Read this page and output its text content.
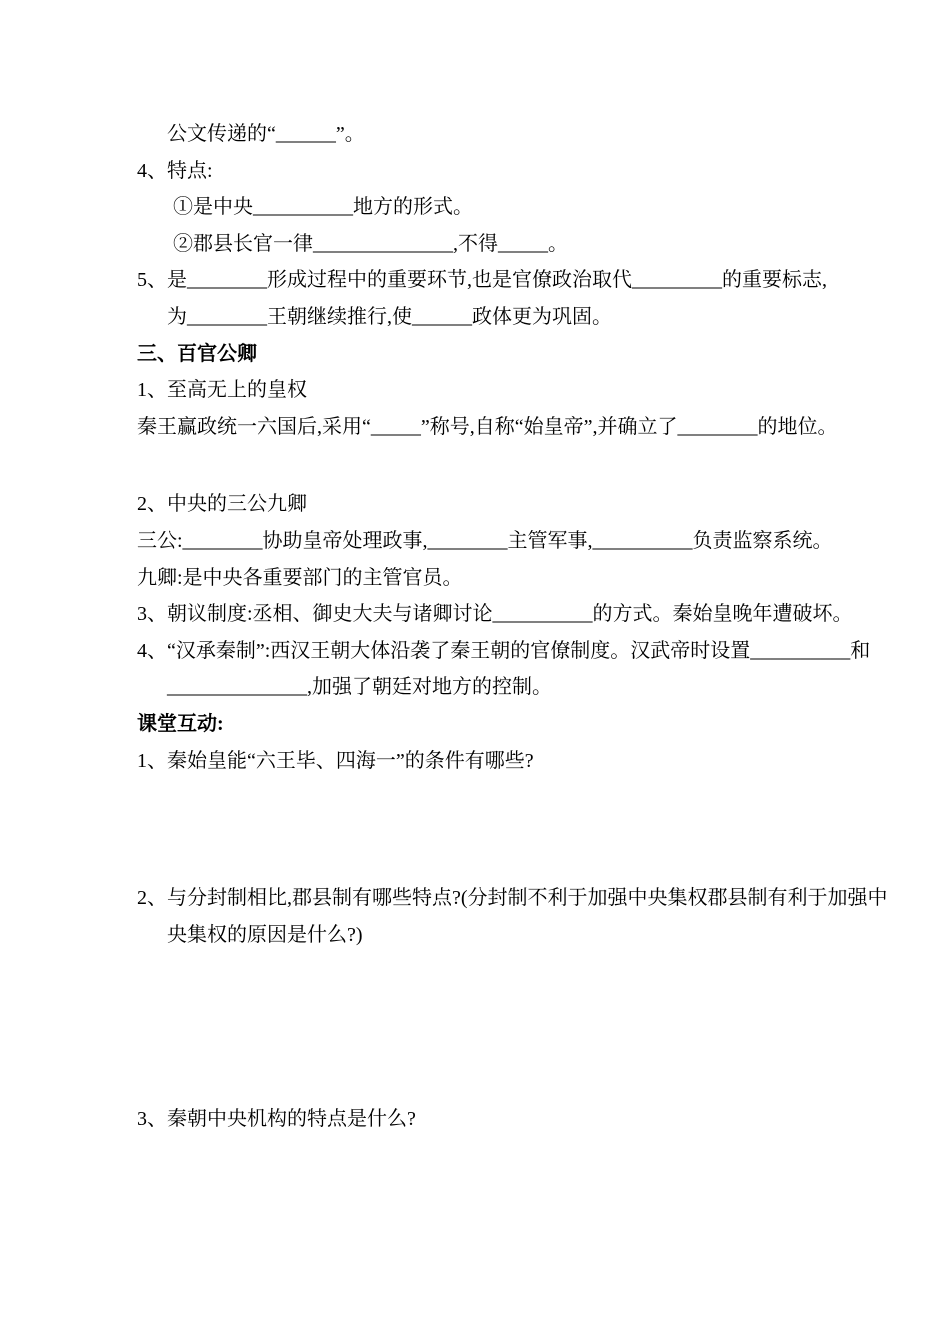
公文传递的“______”。

4、特点:

①是中央__________地方的形式。

②郡县长官一律______________,不得_____。

5、是________形成过程中的重要环节,也是官僚政治取代_________的重要标志,

为________王朝继续推行,使______政体更为巩固。

三、百官公卿

1、至高无上的皇权

秦王赢政统一六国后,采用“_____”称号,自称“始皇帝”,并确立了________的地位。

2、中央的三公九卿

三公:________协助皇帝处理政事,________主管军事,__________负责监察系统。

九卿:是中央各重要部门的主管官员。

3、朝议制度:丞相、御史大夫与诸卿讨论__________的方式。秦始皇晚年遭破坏。

4、“汉承秦制”:西汉王朝大体沿袭了秦王朝的官僚制度。汉武帝时设置__________和

______________,加强了朝廷对地方的控制。

课堂互动:

1、秦始皇能“六王毕、四海一”的条件有哪些?

2、与分封制相比,郡县制有哪些特点?(分封制不利于加强中央集权郡县制有利于加强中

央集权的原因是什么?)

3、秦朝中央机构的特点是什么?
